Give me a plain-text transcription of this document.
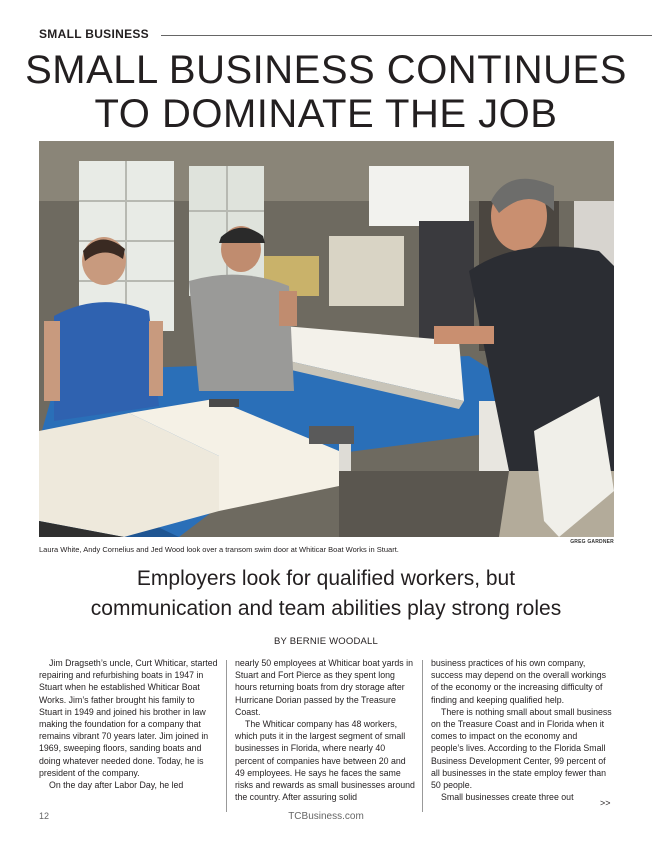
SMALL BUSINESS
SMALL BUSINESS CONTINUES
TO DOMINATE THE JOB
GREG GARDNER
Laura White, Andy Cornelius and Jed Wood look over a transom swim door at Whiticar Boat Works in Stuart.
Employers look for qualified workers, but
communication and team abilities play strong roles
BY BERNIE WOODALL

Jim Dragseth’s uncle, Curt Whiticar, started repairing and refurbishing boats in 1947 in Stuart when he established Whiticar Boat Works. Jim’s father brought his family to Stuart in 1949 and joined his brother in law making the foundation for a company that remains vibrant 70 years later. Jim joined in 1969, sweeping floors, sanding boats and doing whatever needed done. Today, he is president of the company.

On the day after Labor Day, he led

nearly 50 employees at Whiticar boat yards in Stuart and Fort Pierce as they spent long hours returning boats from dry storage after Hurricane Dorian passed by the Treasure Coast.

The Whiticar company has 48 workers, which puts it in the largest segment of small businesses in Florida, where nearly 40 percent of companies have between 20 and 49 employees. He says he faces the same risks and rewards as small businesses around the country. After assuring solid

business practices of his own company, success may depend on the overall workings of the economy or the increasing difficulty of finding and keeping qualified help.

There is nothing small about small business on the Treasure Coast and in Florida when it comes to impact on the economy and people’s lives. According to the Florida Small Business Development Center, 99 percent of all businesses in the state employ fewer than 50 people.

Small businesses create three out

>>
12	TCBusiness.com
